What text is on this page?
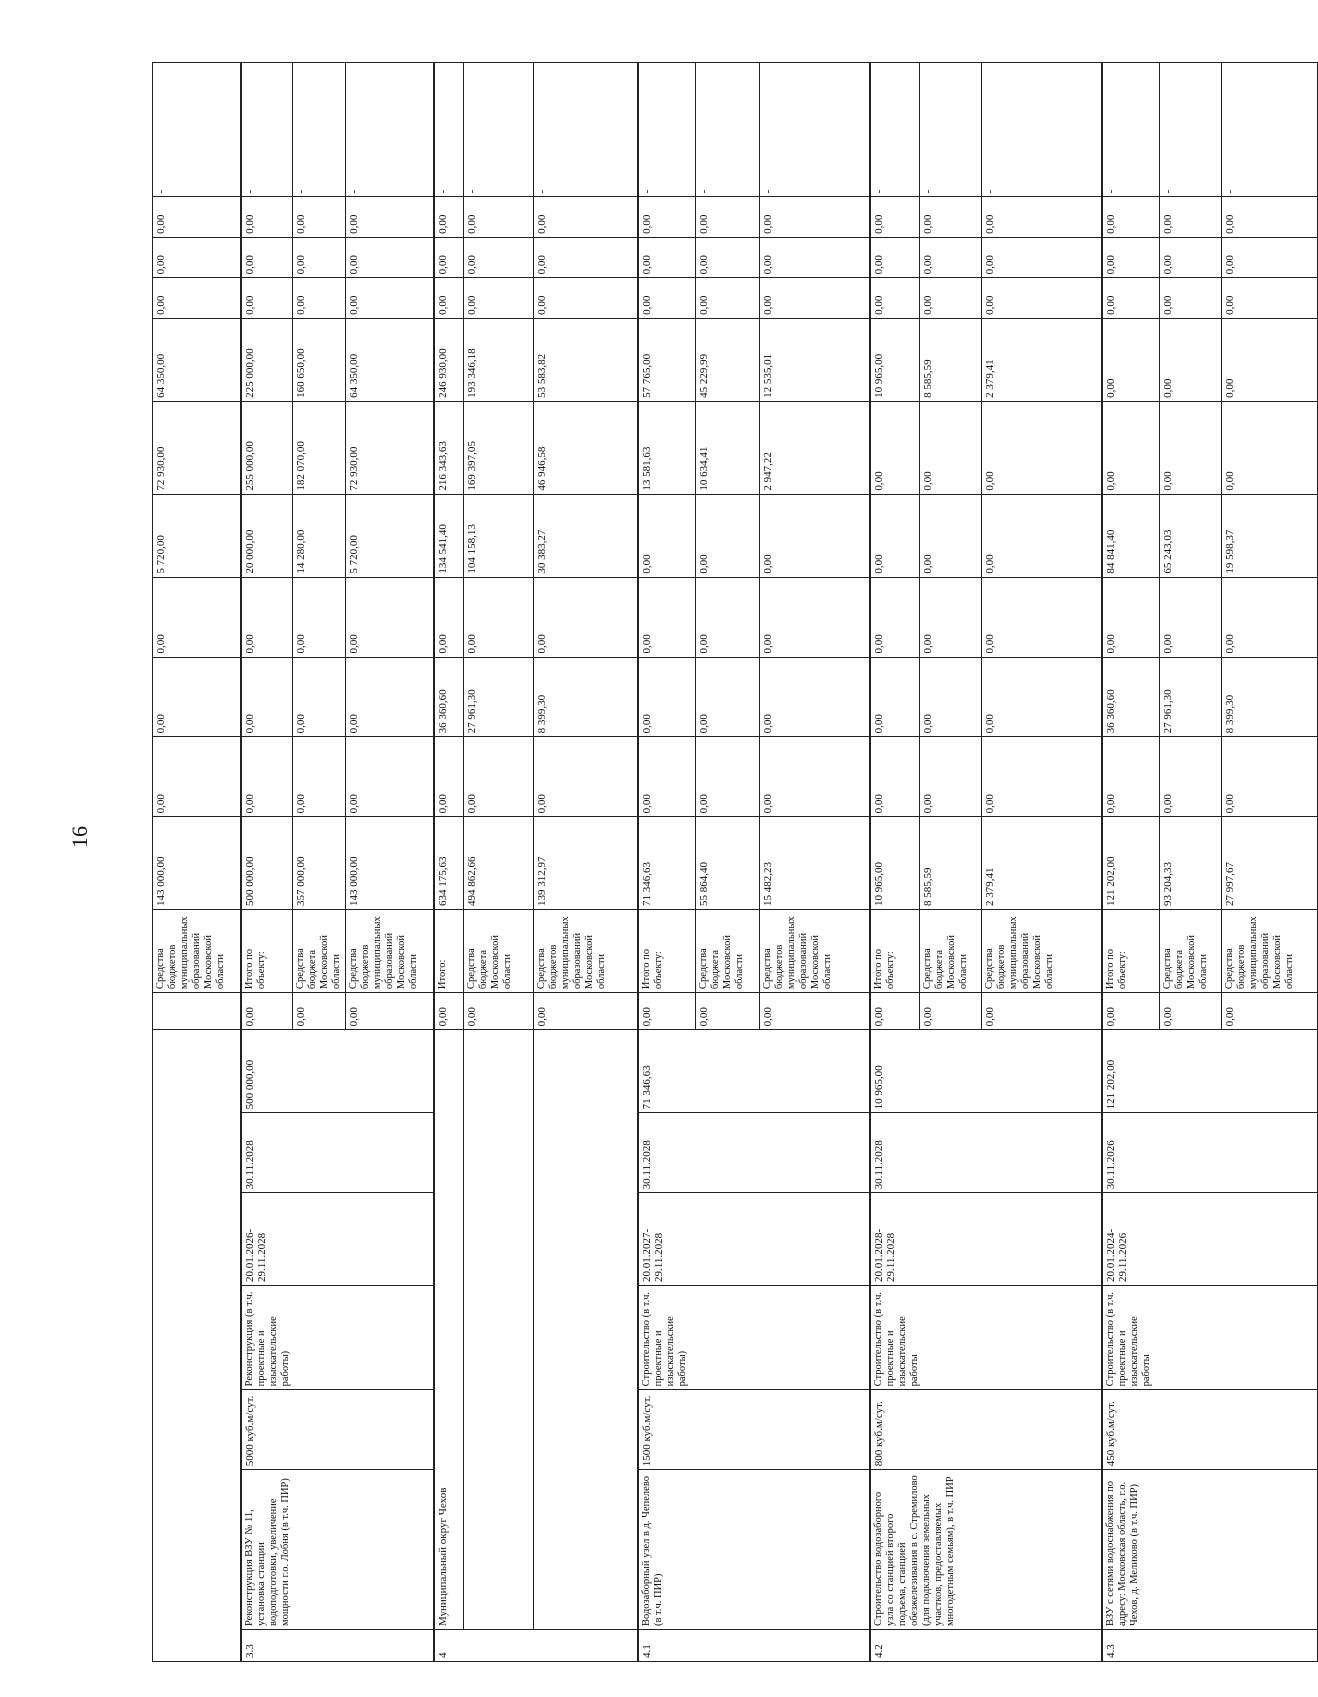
16
								Средства бюджетов муниципальных образований Московской области	143 000,00	0,00	0,00	0,00	5 720,00	72 930,00	64 350,00	0,00	0,00	0,00	-
3.3	Реконструкция ВЗУ № 11, установка станции водоподготовки, увеличение мощности г.о. Лобня (в т.ч. ПИР)	5000 куб.м/сут.	Реконструкция (в т.ч. проектные и изыскательские работы)	20.01.2026-29.11.2028	30.11.2028	500 000,00	0,00	Итого по объекту:	500 000,00	0,00	0,00	0,00	20 000,00	255 000,00	225 000,00	0,00	0,00	0,00	-
							0,00	Средства бюджета Московской области	357 000,00	0,00	0,00	0,00	14 280,00	182 070,00	160 650,00	0,00	0,00	0,00	-
							0,00	Средства бюджетов муниципальных образований Московской области	143 000,00	0,00	0,00	0,00	5 720,00	72 930,00	64 350,00	0,00	0,00	0,00	-
4	Муниципальный округ Чехов						0,00	Итого:	634 175,63	0,00	36 360,60	0,00	134 541,40	216 343,63	246 930,00	0,00	0,00	0,00	-
							0,00	Средства бюджета Московской области	494 862,66	0,00	27 961,30	0,00	104 158,13	169 397,05	193 346,18	0,00	0,00	0,00	-
							0,00	Средства бюджетов муниципальных образований Московской области	139 312,97	0,00	8 399,30	0,00	30 383,27	46 946,58	53 583,82	0,00	0,00	0,00	-
4.1	Водозаборный узел в д. Чепелево (в т.ч. ПИР)	1500 куб.м/сут.	Строительство (в т.ч. проектные и изыскательские работы)	20.01.2027-29.11.2028	30.11.2028	71 346,63	0,00	Итого по объекту:	71 346,63	0,00	0,00	0,00	0,00	13 581,63	57 765,00	0,00	0,00	0,00	-
							0,00	Средства бюджета Московской области	55 864,40	0,00	0,00	0,00	0,00	10 634,41	45 229,99	0,00	0,00	0,00	-
							0,00	Средства бюджетов муниципальных образований Московской области	15 482,23	0,00	0,00	0,00	0,00	2 947,22	12 535,01	0,00	0,00	0,00	-
4.2	Строительство водозаборного узла со станцией второго подъема, станцией обезжелезивания в с. Стремилово (для подключения земельных участков, предоставляемых многодетным семьям), в т.ч. ПИР	800 куб.м/сут.	Строительство (в т.ч. проектные и изыскательские работы	20.01.2028-29.11.2028	30.11.2028	10 965,00	0,00	Итого по объекту:	10 965,00	0,00	0,00	0,00	0,00	0,00	10 965,00	0,00	0,00	0,00	-
							0,00	Средства бюджета Московской области	8 585,59	0,00	0,00	0,00	0,00	0,00	8 585,59	0,00	0,00	0,00	-
							0,00	Средства бюджетов муниципальных образований Московской области	2 379,41	0,00	0,00	0,00	0,00	0,00	2 379,41	0,00	0,00	0,00	-
4.3	ВЗУ с сетями водоснабжения по адресу: Московская область, г.о. Чехов, д. Меликово (в т.ч. ПИР)	450 куб.м/сут.	Строительство (в т.ч. проектные и изыскательские работы	20.01.2024-29.11.2026	30.11.2026	121 202,00	0,00	Итого по объекту:	121 202,00	0,00	36 360,60	0,00	84 841,40	0,00	0,00	0,00	0,00	0,00	-
							0,00	Средства бюджета Московской области	93 204,33	0,00	27 961,30	0,00	65 243,03	0,00	0,00	0,00	0,00	0,00	-
							0,00	Средства бюджетов муниципальных образований Московской области	27 997,67	0,00	8 399,30	0,00	19 598,37	0,00	0,00	0,00	0,00	0,00	-
